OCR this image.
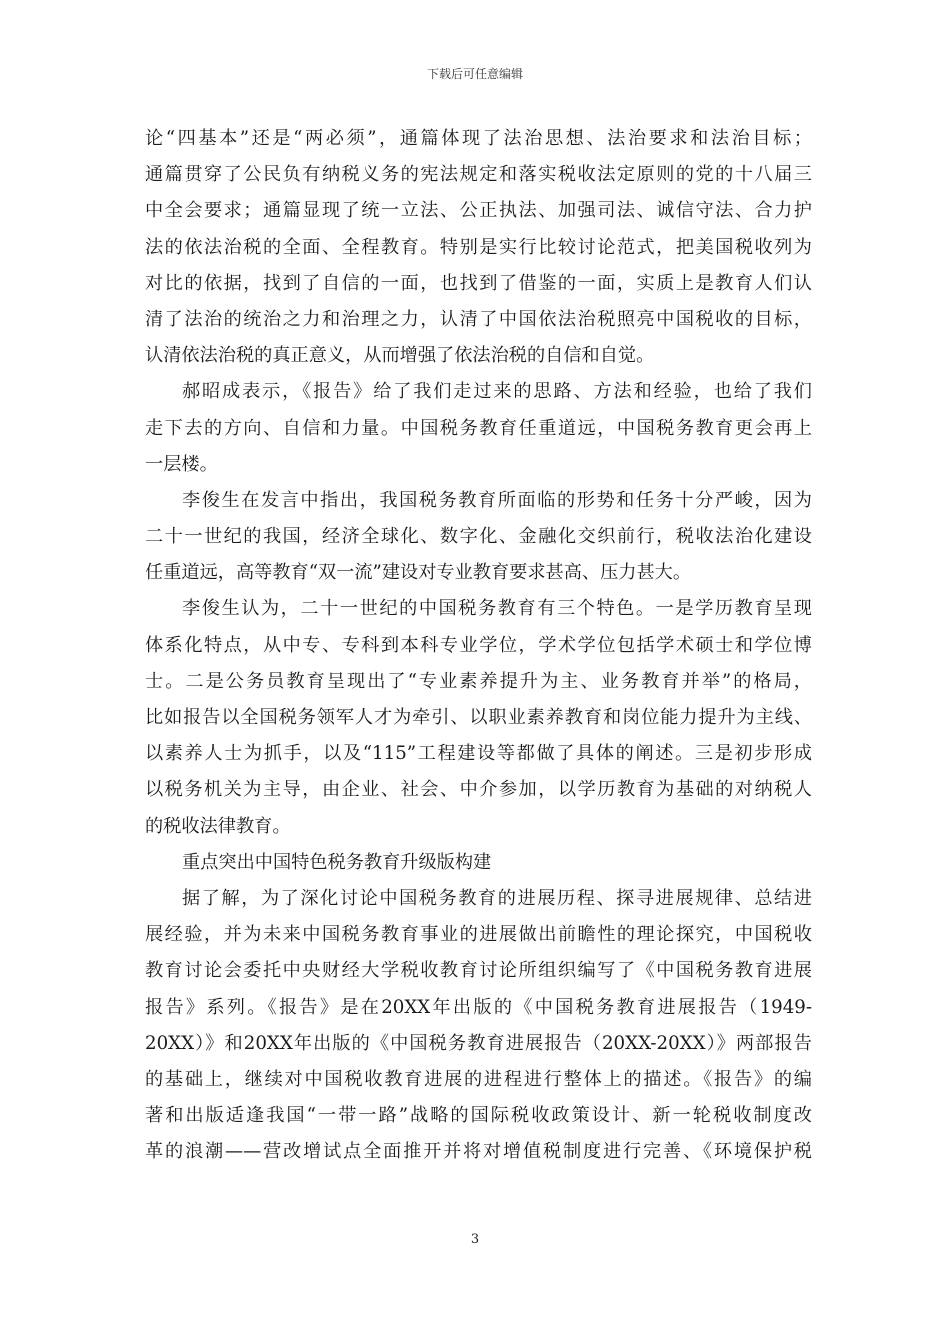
下载后可任意编辑
论“四基本”还是“两必须”，通篇体现了法治思想、法治要求和法治目标；
通篇贯穿了公民负有纳税义务的宪法规定和落实税收法定原则的党的十八届三
中全会要求；通篇显现了统一立法、公正执法、加强司法、诚信守法、合力护
法的依法治税的全面、全程教育。特别是实行比较讨论范式，把美国税收列为
对比的依据，找到了自信的一面，也找到了借鉴的一面，实质上是教育人们认
清了法治的统治之力和治理之力，认清了中国依法治税照亮中国税收的目标，
认清依法治税的真正意义，从而增强了依法治税的自信和自觉。
郝昭成表示，《报告》给了我们走过来的思路、方法和经验，也给了我们
走下去的方向、自信和力量。中国税务教育任重道远，中国税务教育更会再上
一层楼。
李俊生在发言中指出，我国税务教育所面临的形势和任务十分严峻，因为
二十一世纪的我国，经济全球化、数字化、金融化交织前行，税收法治化建设
任重道远，高等教育“双一流”建设对专业教育要求甚高、压力甚大。
李俊生认为，二十一世纪的中国税务教育有三个特色。一是学历教育呈现
体系化特点，从中专、专科到本科专业学位，学术学位包括学术硕士和学位博
士。二是公务员教育呈现出了“专业素养提升为主、业务教育并举”的格局，
比如报告以全国税务领军人才为牵引、以职业素养教育和岗位能力提升为主线、
以素养人士为抓手，以及“115”工程建设等都做了具体的阐述。三是初步形成
以税务机关为主导，由企业、社会、中介参加，以学历教育为基础的对纳税人
的税收法律教育。
重点突出中国特色税务教育升级版构建
据了解，为了深化讨论中国税务教育的进展历程、探寻进展规律、总结进
展经验，并为未来中国税务教育事业的进展做出前瞻性的理论探究，中国税收
教育讨论会委托中央财经大学税收教育讨论所组织编写了《中国税务教育进展
报告》系列。《报告》是在20XX年出版的《中国税务教育进展报告（1949-
20XX）》和20XX年出版的《中国税务教育进展报告（20XX-20XX）》两部报告
的基础上，继续对中国税收教育进展的进程进行整体上的描述。《报告》的编
著和出版适逢我国“一带一路”战略的国际税收政策设计、新一轮税收制度改
革的浪潮——营改增试点全面推开并将对增值税制度进行完善、《环境保护税
3
